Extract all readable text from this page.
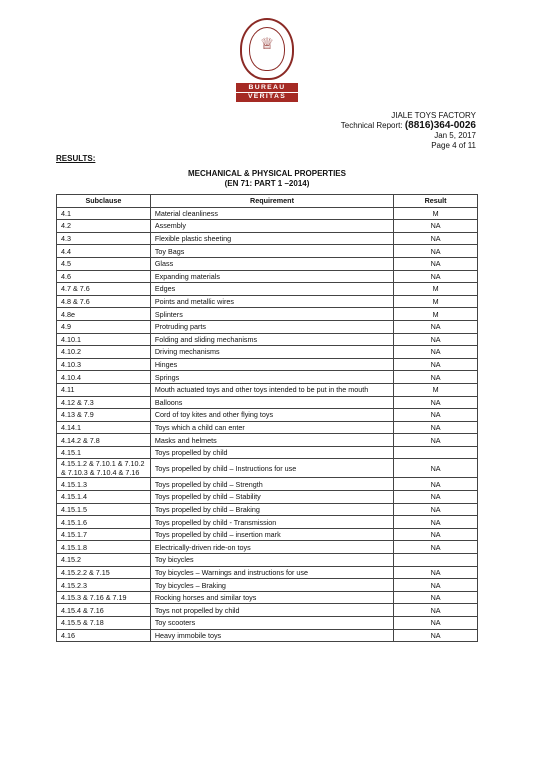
♕
BUREAU
VERITAS
JIALE TOYS FACTORY
Technical Report: (8816)364-0026
Jan 5, 2017
Page 4 of 11
RESULTS:
MECHANICAL & PHYSICAL PROPERTIES
(EN 71: PART 1 –2014)
Subclause	Requirement	Result
4.1	Material cleanliness	M
4.2	Assembly	NA
4.3	Flexible plastic sheeting	NA
4.4	Toy Bags	NA
4.5	Glass	NA
4.6	Expanding materials	NA
4.7 & 7.6	Edges	M
4.8 & 7.6	Points and metallic wires	M
4.8e	Splinters	M
4.9	Protruding parts	NA
4.10.1	Folding and sliding mechanisms	NA
4.10.2	Driving mechanisms	NA
4.10.3	Hinges	NA
4.10.4	Springs	NA
4.11	Mouth actuated toys and other toys intended to be put in the mouth	M
4.12 & 7.3	Balloons	NA
4.13 & 7.9	Cord of toy kites and other flying toys	NA
4.14.1	Toys which a child can enter	NA
4.14.2 & 7.8	Masks and helmets	NA
4.15.1	Toys propelled by child	
4.15.1.2 & 7.10.1 & 7.10.2 & 7.10.3 & 7.10.4 & 7.16	Toys propelled by child – Instructions for use	NA
4.15.1.3	Toys propelled by child – Strength	NA
4.15.1.4	Toys propelled by child – Stability	NA
4.15.1.5	Toys propelled by child – Braking	NA
4.15.1.6	Toys propelled by child - Transmission	NA
4.15.1.7	Toys propelled by child – insertion mark	NA
4.15.1.8	Electrically-driven ride-on toys	NA
4.15.2	Toy bicycles	
4.15.2.2 & 7.15	Toy bicycles – Warnings and instructions for use	NA
4.15.2.3	Toy bicycles – Braking	NA
4.15.3 & 7.16 & 7.19	Rocking horses and similar toys	NA
4.15.4 & 7.16	Toys not propelled by child	NA
4.15.5 & 7.18	Toy scooters	NA
4.16	Heavy immobile toys	NA
